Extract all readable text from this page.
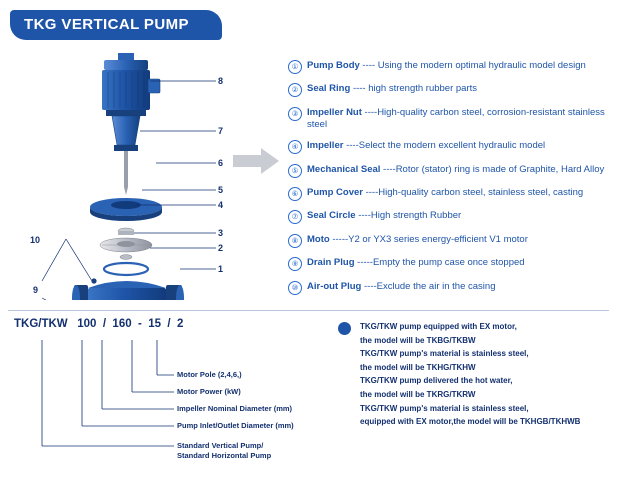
TKG VERTICAL PUMP
8
7
6
5
4
3
2
1
10
9
① Pump Body ---- Using the modern optimal hydraulic model design
② Seal Ring ---- high strength rubber parts
③ Impeller Nut ----High-quality carbon steel, corrosion-resistant stainless steel
④ Impeller ----Select the modern excellent hydraulic model
⑤ Mechanical Seal ----Rotor (stator) ring is made of Graphite, Hard Alloy
⑥ Pump Cover ----High-quality carbon steel, stainless steel, casting
⑦ Seal Circle ----High strength Rubber
⑧ Moto -----Y2 or YX3 series energy-efficient V1 motor
⑨ Drain Plug -----Empty the pump case once stopped
⑩ Air-out Plug ----Exclude the air in the casing
TKG/TKW 100 / 160 - 15 / 2
Motor Pole (2,4,6,)
Motor Power (kW)
Impeller Nominal Diameter (mm)
Pump Inlet/Outlet Diameter (mm)
Standard Vertical Pump/
Standard Horizontal Pump
TKG/TKW pump equipped with EX motor,
the model will be TKBG/TKBW
TKG/TKW pump's material is stainless steel,
the model will be TKHG/TKHW
TKG/TKW pump delivered the hot water,
the model will be TKRG/TKRW
TKG/TKW pump's material is stainless steel,
equipped with EX motor,the model will be TKHGB/TKHWB
